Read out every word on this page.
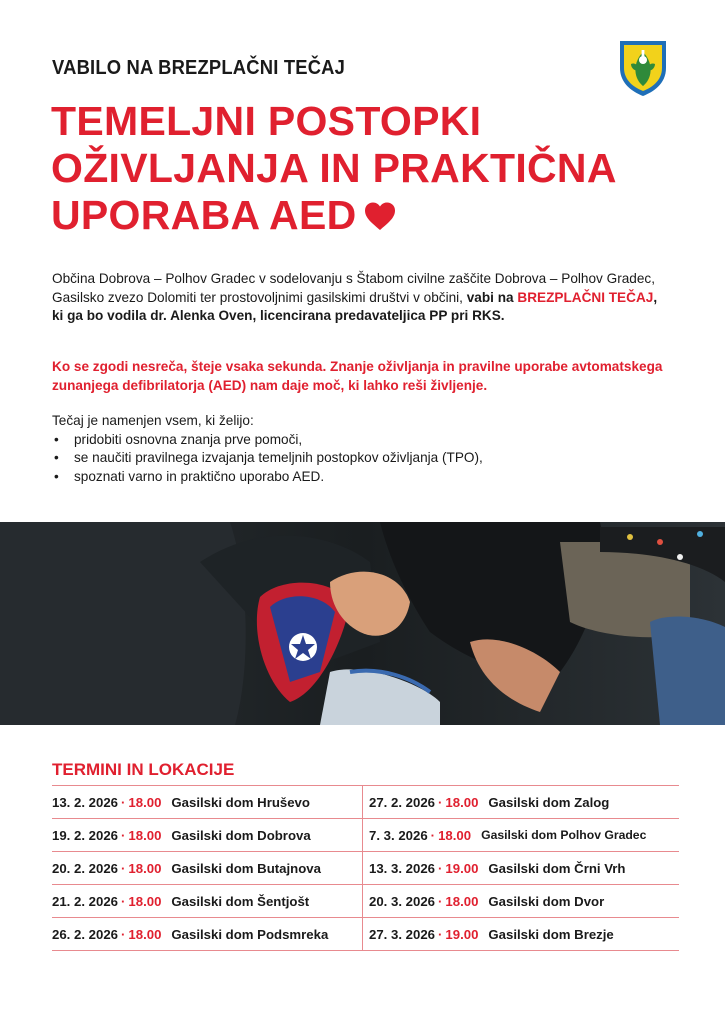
VABILO NA BREZPLAČNI TEČAJ
TEMELJNI POSTOPKI
OŽIVLJANJA IN PRAKTIČNA
UPORABA AED
Občina Dobrova – Polhov Gradec v sodelovanju s Štabom civilne zaščite Dobrova – Polhov Gradec, Gasilsko zvezo Dolomiti ter prostovoljnimi gasilskimi društvi v občini, vabi na BREZPLAČNI TEČAJ, ki ga bo vodila dr. Alenka Oven, licencirana predavateljica PP pri RKS.
Ko se zgodi nesreča, šteje vsaka sekunda. Znanje oživljanja in pravilne uporabe avtomatskega zunanjega defibrilatorja (AED) nam daje moč, ki lahko reši življenje.
Tečaj je namenjen vsem, ki želijo:
• pridobiti osnovna znanja prve pomoči,
• se naučiti pravilnega izvajanja temeljnih postopkov oživljanja (TPO),
• spoznati varno in praktično uporabo AED.
TERMINI IN LOKACIJE
13. 2. 2026 · 18.00 Gasilski dom Hruševo	27. 2. 2026 · 18.00 Gasilski dom Zalog
19. 2. 2026 · 18.00 Gasilski dom Dobrova	7. 3. 2026 · 18.00 Gasilski dom Polhov Gradec
20. 2. 2026 · 18.00 Gasilski dom Butajnova	13. 3. 2026 · 19.00 Gasilski dom Črni Vrh
21. 2. 2026 · 18.00 Gasilski dom Šentjošt	20. 3. 2026 · 18.00 Gasilski dom Dvor
26. 2. 2026 · 18.00 Gasilski dom Podsmreka	27. 3. 2026 · 19.00 Gasilski dom Brezje
